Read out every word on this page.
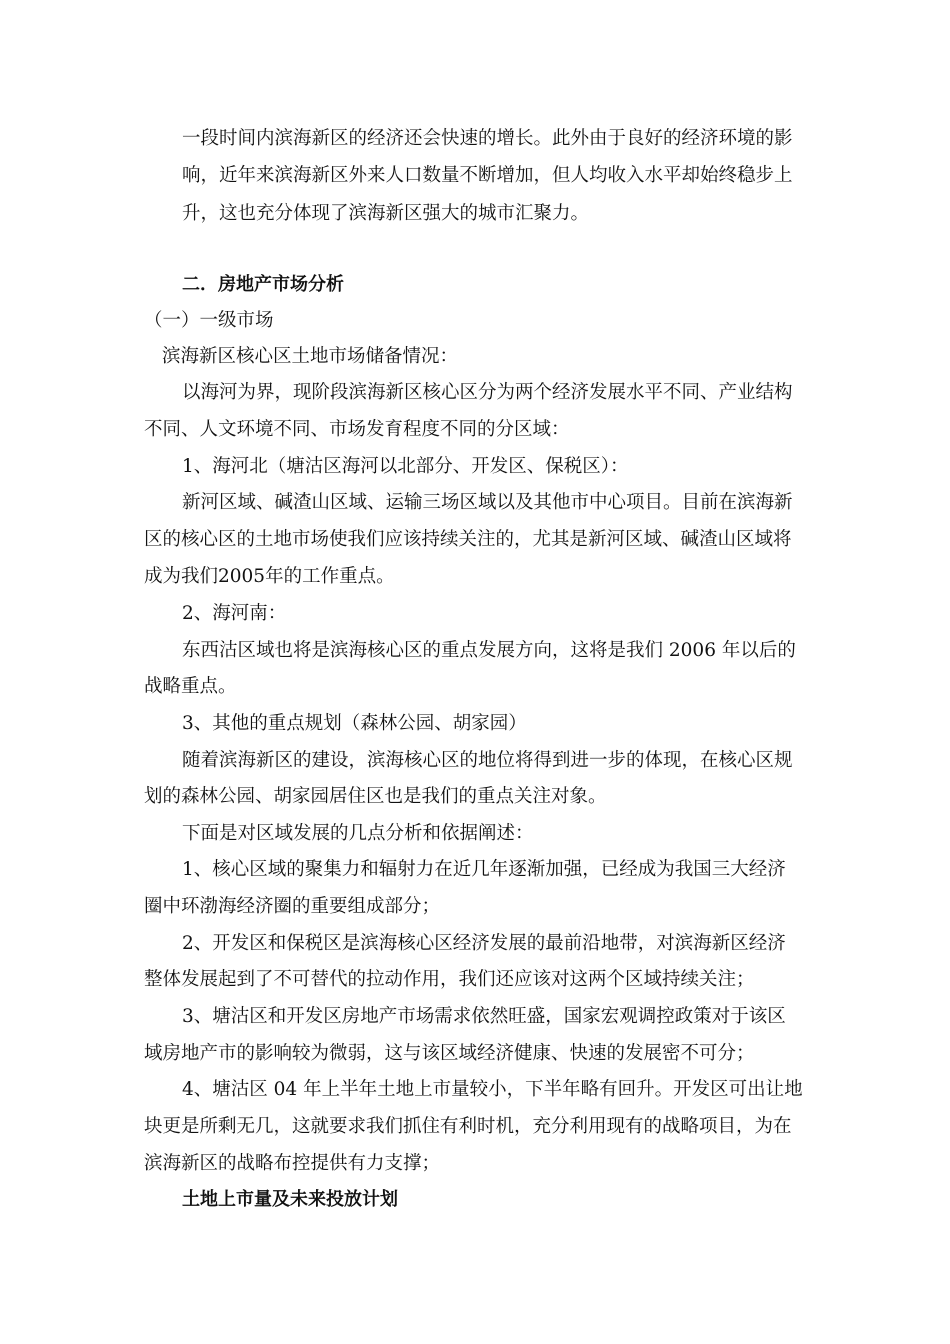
一段时间内滨海新区的经济还会快速的增长。此外由于良好的经济环境的影

响，近年来滨海新区外来人口数量不断增加，但人均收入水平却始终稳步上

升，这也充分体现了滨海新区强大的城市汇聚力。

二．房地产市场分析

（一）一级市场

滨海新区核心区土地市场储备情况：

以海河为界，现阶段滨海新区核心区分为两个经济发展水平不同、产业结构

不同、人文环境不同、市场发育程度不同的分区域：

1、海河北（塘沽区海河以北部分、开发区、保税区）：

新河区域、碱渣山区域、运输三场区域以及其他市中心项目。目前在滨海新

区的核心区的土地市场使我们应该持续关注的，尤其是新河区域、碱渣山区域将

成为我们2005年的工作重点。

2、海河南：

东西沽区域也将是滨海核心区的重点发展方向，这将是我们 2006 年以后的

战略重点。

3、其他的重点规划（森林公园、胡家园）

随着滨海新区的建设，滨海核心区的地位将得到进一步的体现，在核心区规

划的森林公园、胡家园居住区也是我们的重点关注对象。

下面是对区域发展的几点分析和依据阐述：

1、核心区域的聚集力和辐射力在近几年逐渐加强，已经成为我国三大经济

圈中环渤海经济圈的重要组成部分；

2、开发区和保税区是滨海核心区经济发展的最前沿地带，对滨海新区经济

整体发展起到了不可替代的拉动作用，我们还应该对这两个区域持续关注；

3、塘沽区和开发区房地产市场需求依然旺盛，国家宏观调控政策对于该区

域房地产市的影响较为微弱，这与该区域经济健康、快速的发展密不可分；

4、塘沽区 04 年上半年土地上市量较小，下半年略有回升。开发区可出让地

块更是所剩无几，这就要求我们抓住有利时机，充分利用现有的战略项目，为在

滨海新区的战略布控提供有力支撑；

土地上市量及未来投放计划
